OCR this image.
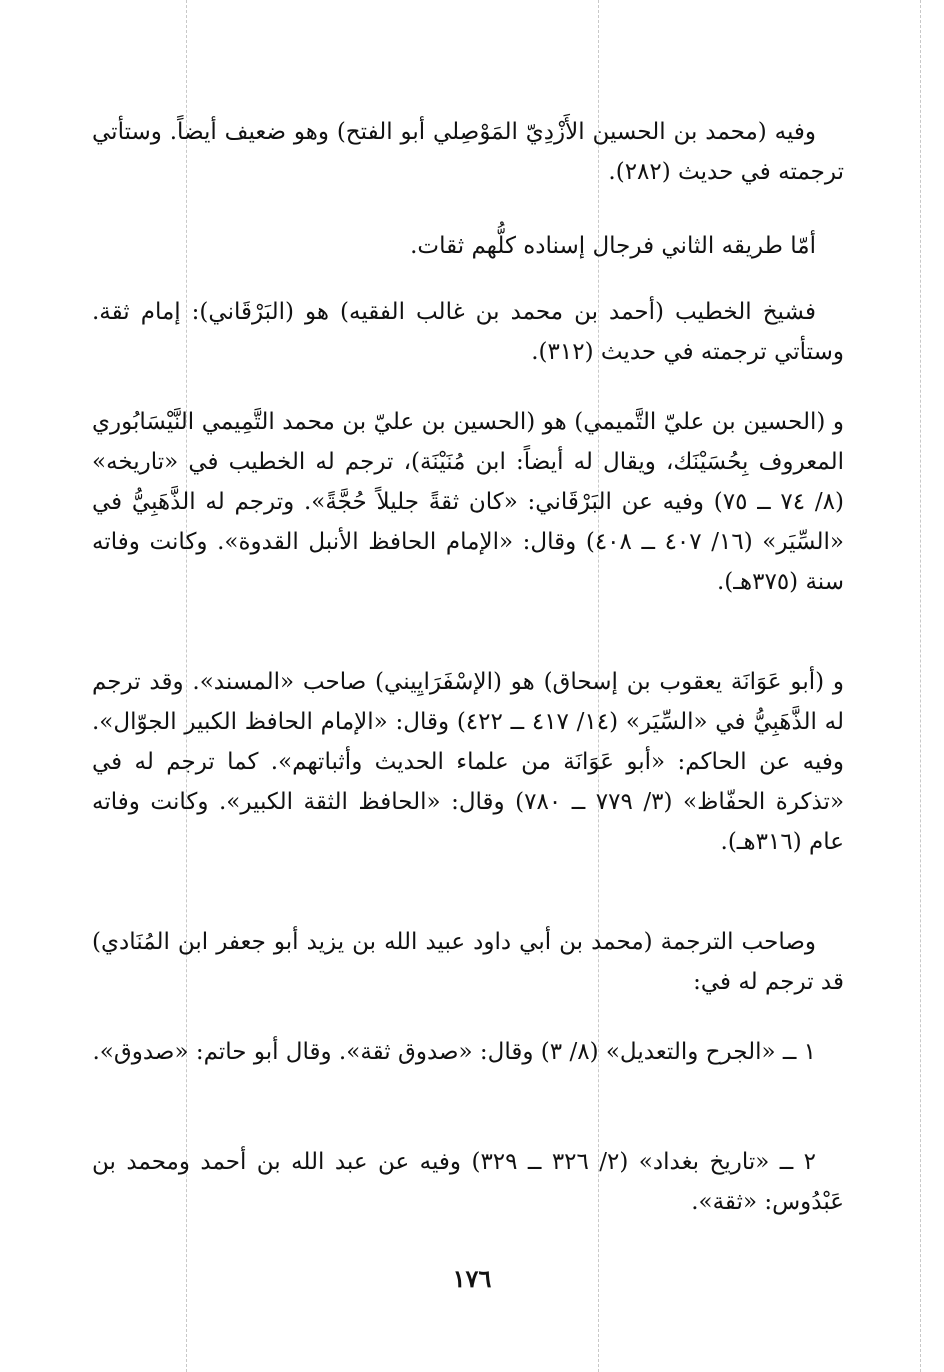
وفيه (محمد بن الحسين الأَزْدِيّ المَوْصِلي أبو الفتح) وهو ضعيف أيضاً. وستأتي ترجمته في حديث (٢٨٢).

أمّا طريقه الثاني فرجال إسناده كلُّهم ثقات.

فشيخ الخطيب (أحمد بن محمد بن غالب الفقيه) هو (البَرْقَاني): إمام ثقة. وستأتي ترجمته في حديث (٣١٢).

و (الحسين بن عليّ التَّميمي) هو (الحسين بن عليّ بن محمد التَّمِيمي النَّيْسَابُوري المعروف بِحُسَيْنَك، ويقال له أيضاً: ابن مُنَيْنَة)، ترجم له الخطيب في «تاريخه» (٨/ ٧٤ ــ ٧٥) وفيه عن البَرْقَاني: «كان ثقةً جليلاً حُجَّةً». وترجم له الذَّهَبِيُّ في «السِّيَر» (١٦/ ٤٠٧ ــ ٤٠٨) وقال: «الإمام الحافظ الأنبل القدوة». وكانت وفاته سنة (٣٧٥هـ).

و (أبو عَوَانَة يعقوب بن إسحاق) هو (الإسْفَرَايِيني) صاحب «المسند». وقد ترجم له الذَّهَبِيُّ في «السِّيَر» (١٤/ ٤١٧ ــ ٤٢٢) وقال: «الإمام الحافظ الكبير الجوّال». وفيه عن الحاكم: «أبو عَوَانَة من علماء الحديث وأثباتهم». كما ترجم له في «تذكرة الحفّاظ» (٣/ ٧٧٩ ــ ٧٨٠) وقال: «الحافظ الثقة الكبير». وكانت وفاته عام (٣١٦هـ).

وصاحب الترجمة (محمد بن أبي داود عبيد الله بن يزيد أبو جعفر ابن المُنَادي) قد ترجم له في:

١ ــ «الجرح والتعديل» (٨/ ٣) وقال: «صدوق ثقة». وقال أبو حاتم: «صدوق».

٢ ــ «تاريخ بغداد» (٢/ ٣٢٦ ــ ٣٢٩) وفيه عن عبد الله بن أحمد ومحمد بن عَبْدُوس: «ثقة».

١٧٦
